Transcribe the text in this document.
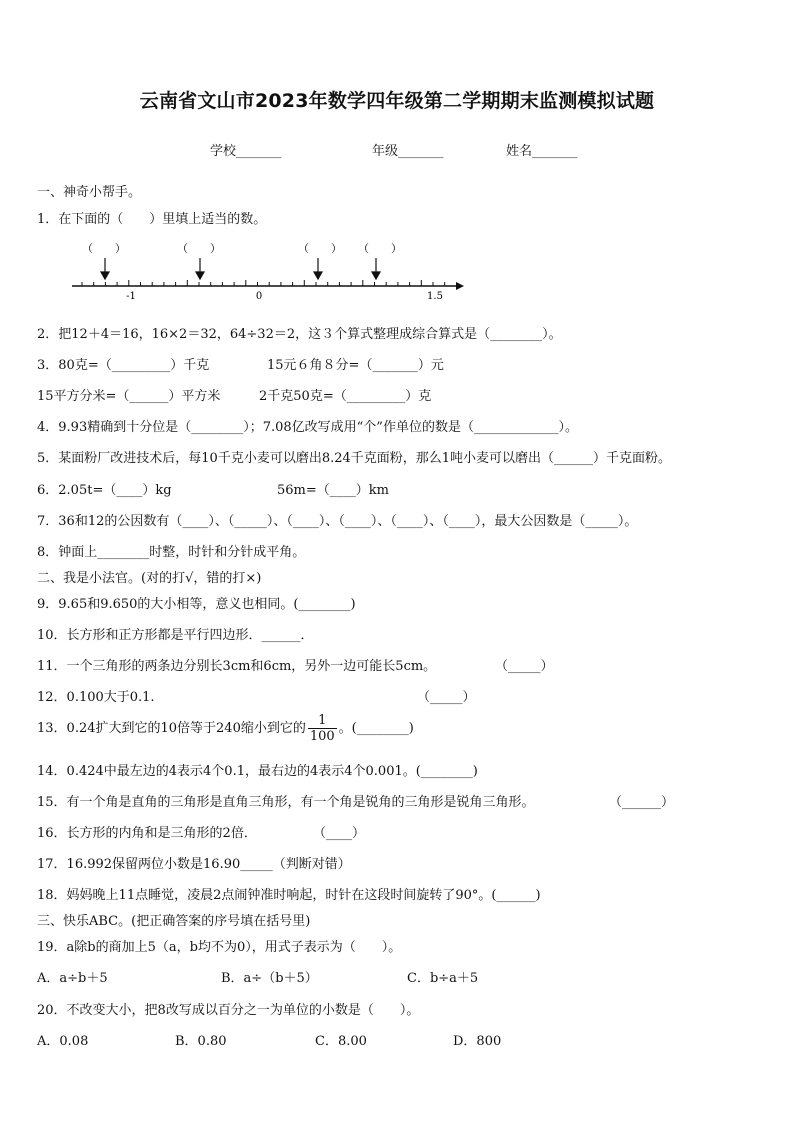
云南省文山市2023年数学四年级第二学期期末监测模拟试题
学校_______	年级_______	姓名_______
一、神奇小帮手。
1．在下面的（　　）里填上适当的数。
（　　）	（　　）	（　　） （　　）
-1	0	1.5
2．把12＋4＝16，16×2＝32，64÷32＝2，这３个算式整理成综合算式是（________）。
3．80克=（_________）千克	15元６角８分=（_______）元
15平方分米=（______）平方米	2千克50克=（_________）克
4．9.93精确到十分位是（________）；7.08亿改写成用“个”作单位的数是（_____________）。
5．某面粉厂改进技术后，每10千克小麦可以磨出8.24千克面粉，那么1吨小麦可以磨出（______）千克面粉。
6．2.05t=（____）kg	56m=（____）km
7．36和12的公因数有（____）、（_____）、（____）、（____）、（____）、（____），最大公因数是（_____）。
8．钟面上________时整，时针和分针成平角。
二、我是小法官。(对的打√，错的打×)
9．9.65和9.650的大小相等，意义也相同。(________)
10．长方形和正方形都是平行四边形．______．
11．一个三角形的两条边分别长3cm和6cm，另外一边可能长5cm。	（_____）
12．0.100大于0.1.	（_____）
13．0.24扩大到它的10倍等于240缩小到它的 $\frac{1}{100}$ 。(________)
14．0.424中最左边的4表示4个0.1，最右边的4表示4个0.001。(________)
15．有一个角是直角的三角形是直角三角形，有一个角是锐角的三角形是锐角三角形。	（______）
16．长方形的内角和是三角形的2倍．	（____）
17．16.992保留两位小数是16.90_____（判断对错）
18．妈妈晚上11点睡觉，凌晨2点闹钟准时响起，时针在这段时间旋转了90°。(______)
三、快乐ABC。(把正确答案的序号填在括号里)
19．a除b的商加上5（a，b均不为0），用式子表示为（　　）。
A．a÷b＋5	B．a÷（b＋5）	C．b÷a＋5
20．不改变大小，把8改写成以百分之一为单位的小数是（　　）。
A．0.08	B．0.80	C．8.00	D．800
